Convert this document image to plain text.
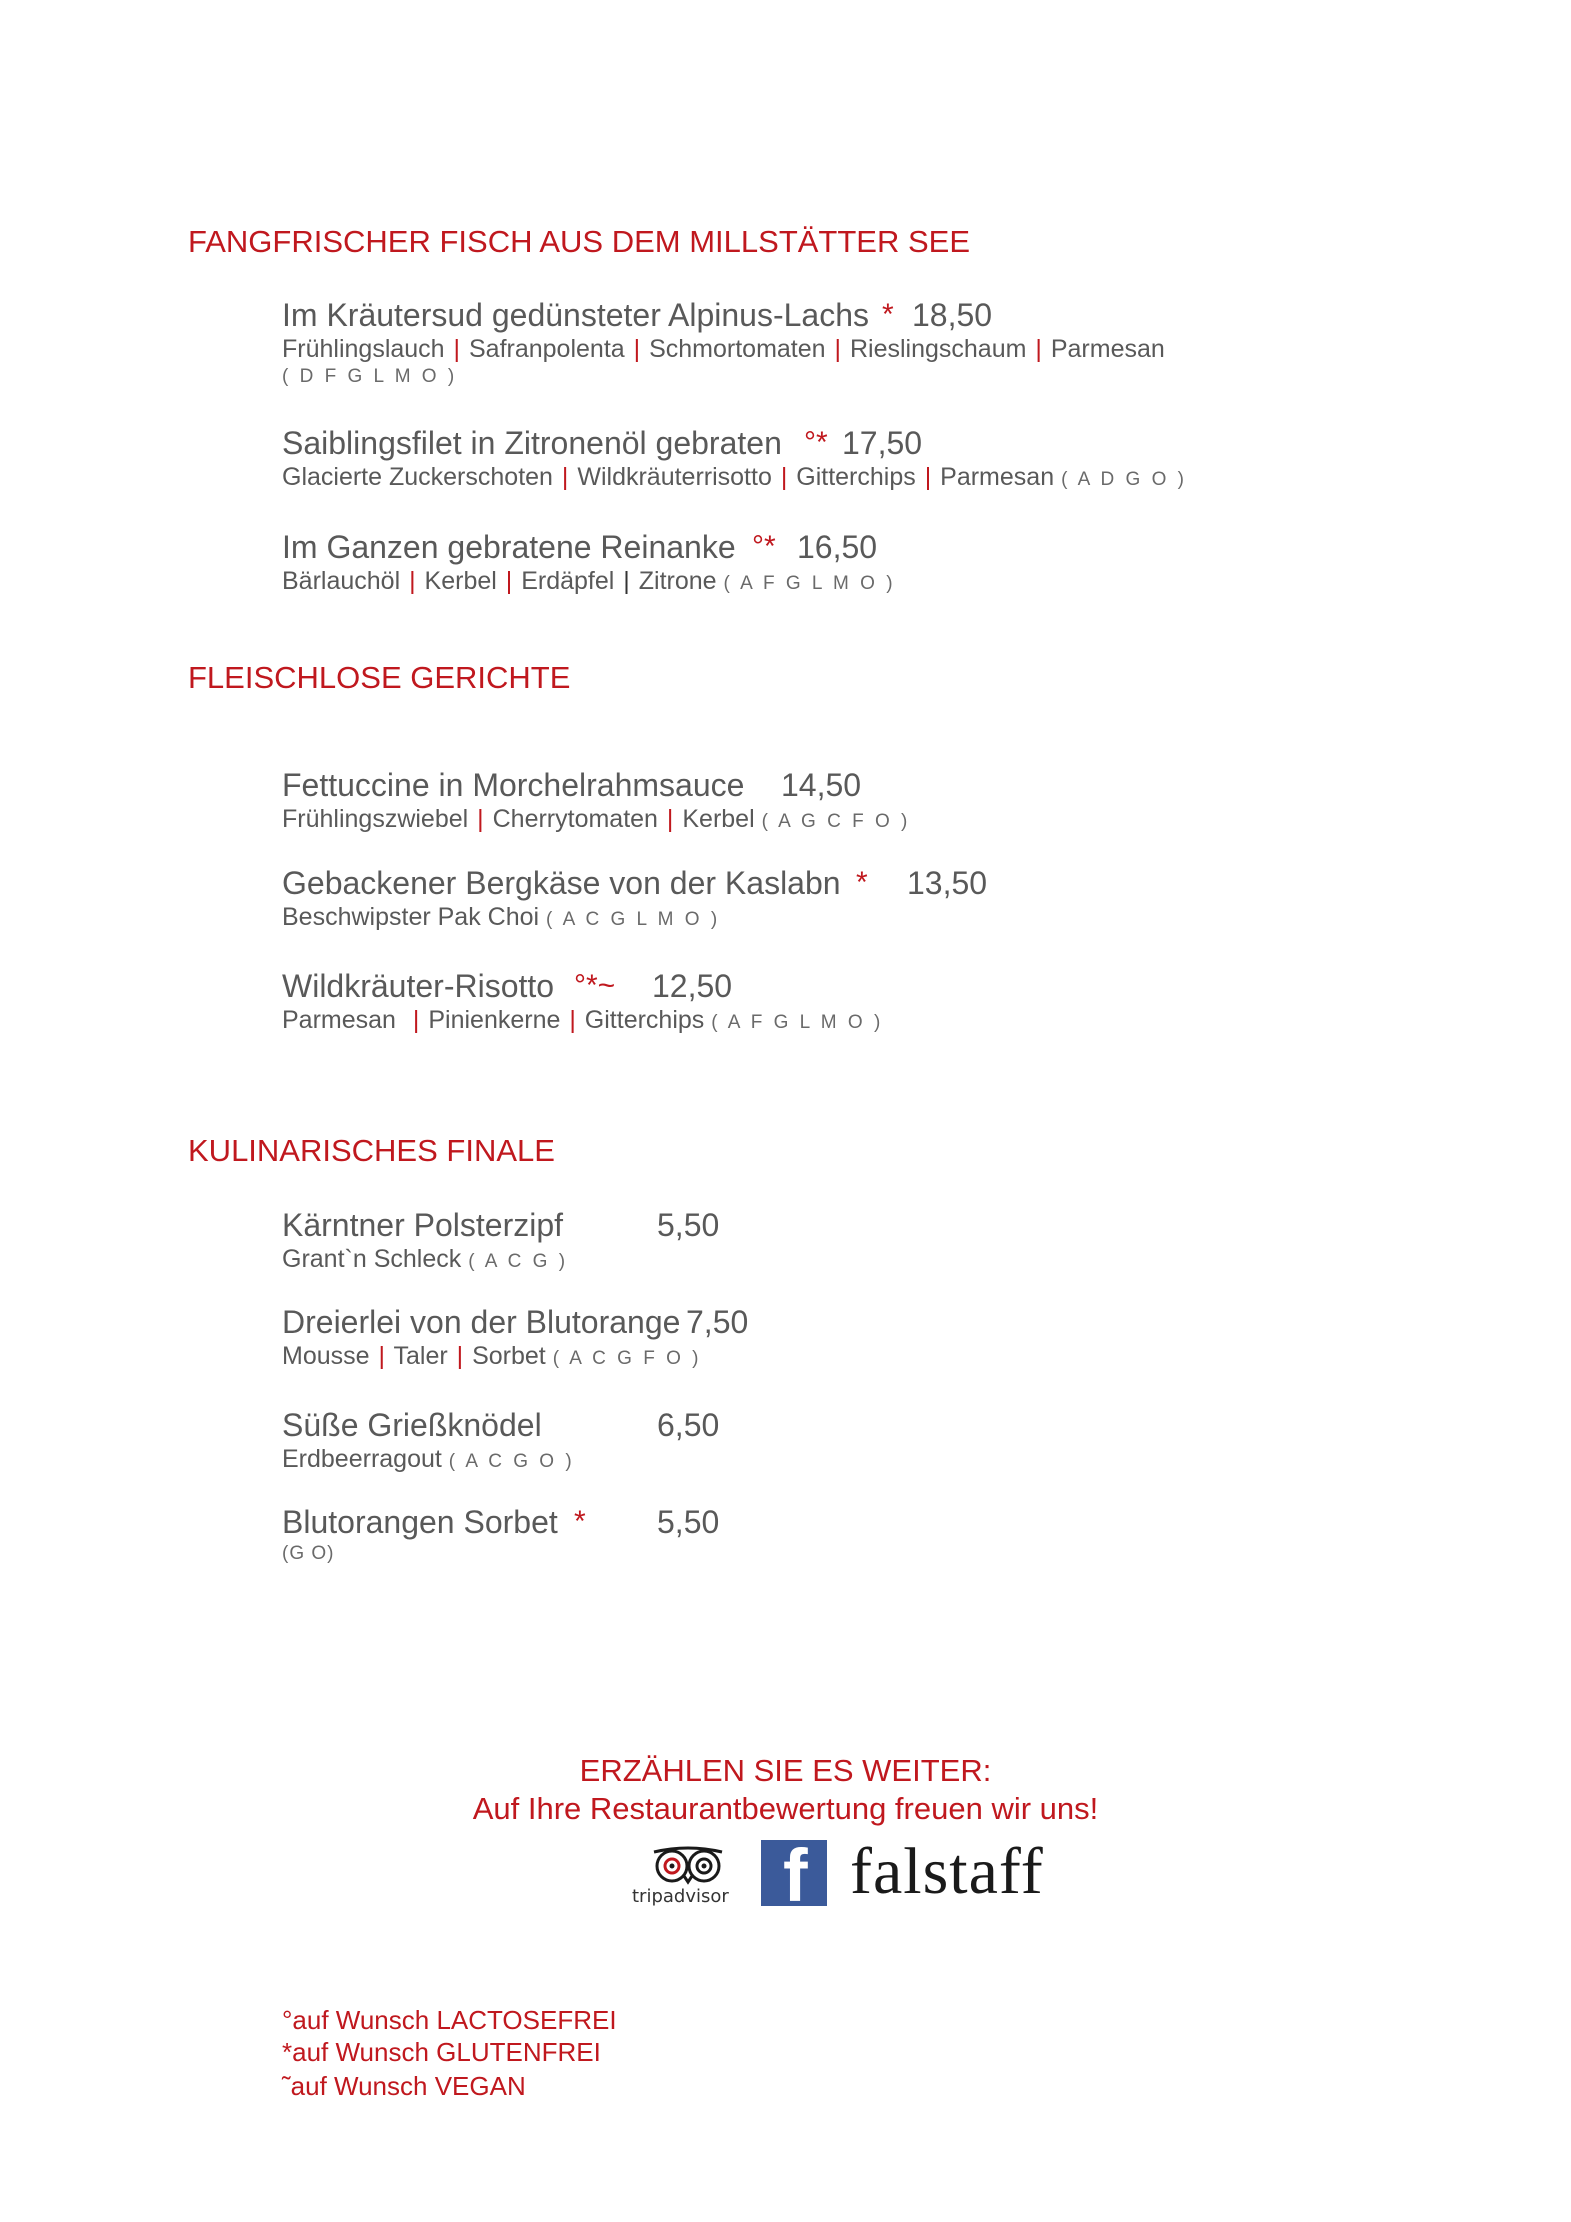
FANGFRISCHER FISCH AUS DEM MILLSTÄTTER SEE
Im Kräutersud gedünsteter Alpinus-Lachs * 18,50
Frühlingslauch | Safranpolenta | Schmortomaten | Rieslingschaum | Parmesan
( D F G L M O )
Saiblingsfilet in Zitronenöl gebraten °* 17,50
Glacierte Zuckerschoten | Wildkräuterrisotto | Gitterchips | Parmesan ( A D G O )
Im Ganzen gebratene Reinanke °* 16,50
Bärlauchöl | Kerbel | Erdäpfel | Zitrone ( A F G L M O )
FLEISCHLOSE GERICHTE
Fettuccine in Morchelrahmsauce 14,50
Frühlingszwiebel | Cherrytomaten | Kerbel ( A G C F O )
Gebackener Bergkäse von der Kaslabn * 13,50
Beschwipster Pak Choi ( A C G L M O )
Wildkräuter-Risotto °*~ 12,50
Parmesan | Pinienkerne | Gitterchips ( A F G L M O )
KULINARISCHES FINALE
Kärntner Polsterzipf	5,50
Grant`n Schleck ( A C G )
Dreierlei von der Blutorange 7,50
Mousse | Taler | Sorbet ( A C G F O )
Süße Grießknödel	6,50
Erdbeerragout ( A C G O )
Blutorangen Sorbet * 5,50
(G O)
ERZÄHLEN SIE ES WEITER:
Auf Ihre Restaurantbewertung freuen wir uns!
tripadvisor f falstaff
°auf Wunsch LACTOSEFREI
*auf Wunsch GLUTENFREI
˜auf Wunsch VEGAN
